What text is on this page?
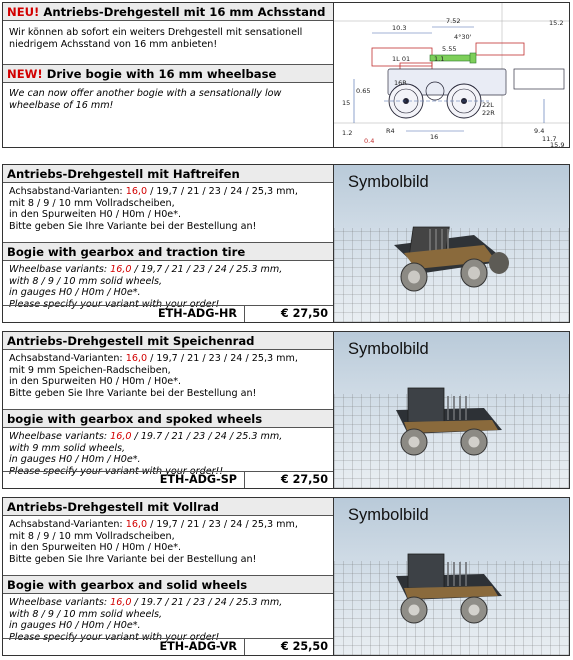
NEU! Antriebs-Drehgestell mit 16 mm Achsstand
Wir können ab sofort ein weiters Drehgestell mit sensationell
niedrigem Achsstand von 16 mm anbieten!
NEW! Drive bogie with 16 mm wheelbase
We can now offer another bogie with a sensationally low
wheelbase of 16 mm!
10.3
7.52	15.2
4°30'
5.55
1.1
1L 01
16R
15
0.65
22L
22R
R4
16
1.2
0.4
9.4
11.7
15.9
Antriebs-Drehgestell mit Haftreifen
Achsabstand-Varianten: 16,0 / 19,7 / 21 / 23 / 24 / 25,3 mm,
mit 8 / 9 / 10 mm Vollradscheiben,
in den Spurweiten H0 / H0m / H0e*.
Bitte geben Sie Ihre Variante bei der Bestellung an!
Bogie with gearbox and traction tire
Wheelbase variants: 16,0 / 19,7 / 21 / 23 / 24 / 25.3 mm,
with 8 / 9 / 10 mm solid wheels,
in gauges H0 / H0m / H0e*.
Please specify your variant with your order!
ETH-ADG-HR	€ 27,50
Symbolbild
Antriebs-Drehgestell mit Speichenrad
Achsabstand-Varianten: 16,0 / 19,7 / 21 / 23 / 24 / 25,3 mm,
mit 9 mm Speichen-Radscheiben,
in den Spurweiten H0 / H0m / H0e*.
Bitte geben Sie Ihre Variante bei der Bestellung an!
bogie with gearbox and spoked wheels
Wheelbase variants: 16,0 / 19.7 / 21 / 23 / 24 / 25.3 mm,
with 9 mm solid wheels,
in gauges H0 / H0m / H0e*.
Please specify your variant with your order!!
ETH-ADG-SP	€ 27,50
Symbolbild
Antriebs-Drehgestell mit Vollrad
Achsabstand-Varianten: 16,0 / 19,7 / 21 / 23 / 24 / 25,3 mm,
mit 8 / 9 / 10 mm Vollradscheiben,
in den Spurweiten H0 / H0m / H0e*.
Bitte geben Sie Ihre Variante bei der Bestellung an!
Bogie with gearbox and solid wheels
Wheelbase variants: 16,0 / 19.7 / 21 / 23 / 24 / 25.3 mm,
with 8 / 9 / 10 mm solid wheels,
in gauges H0 / H0m / H0e*.
Please specify your variant with your order!
ETH-ADG-VR	€ 25,50
Symbolbild
